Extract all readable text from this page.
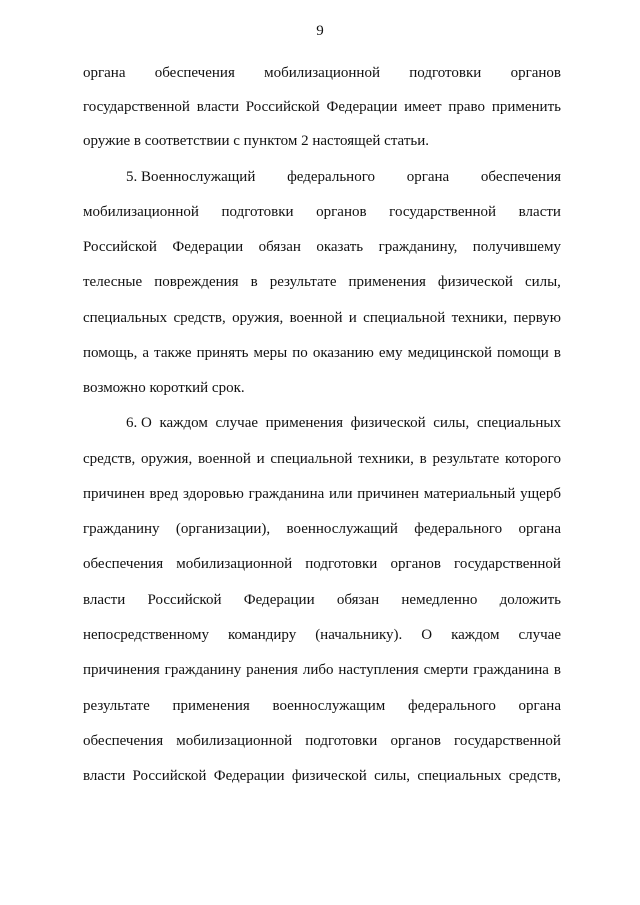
9
органа обеспечения мобилизационной подготовки органов
государственной власти Российской Федерации имеет право применить
оружие в соответствии с пунктом 2 настоящей статьи.
5. Военнослужащий федерального органа обеспечения
мобилизационной подготовки органов государственной власти
Российской Федерации обязан оказать гражданину, получившему
телесные повреждения в результате применения физической силы,
специальных средств, оружия, военной и специальной техники, первую
помощь, а также принять меры по оказанию ему медицинской помощи в
возможно короткий срок.
6. О каждом случае применения физической силы, специальных
средств, оружия, военной и специальной техники, в результате которого
причинен вред здоровью гражданина или причинен материальный ущерб
гражданину (организации), военнослужащий федерального органа
обеспечения мобилизационной подготовки органов государственной
власти Российской Федерации обязан немедленно доложить
непосредственному командиру (начальнику). О каждом случае
причинения гражданину ранения либо наступления смерти гражданина в
результате применения военнослужащим федерального органа
обеспечения мобилизационной подготовки органов государственной
власти Российской Федерации физической силы, специальных средств,
